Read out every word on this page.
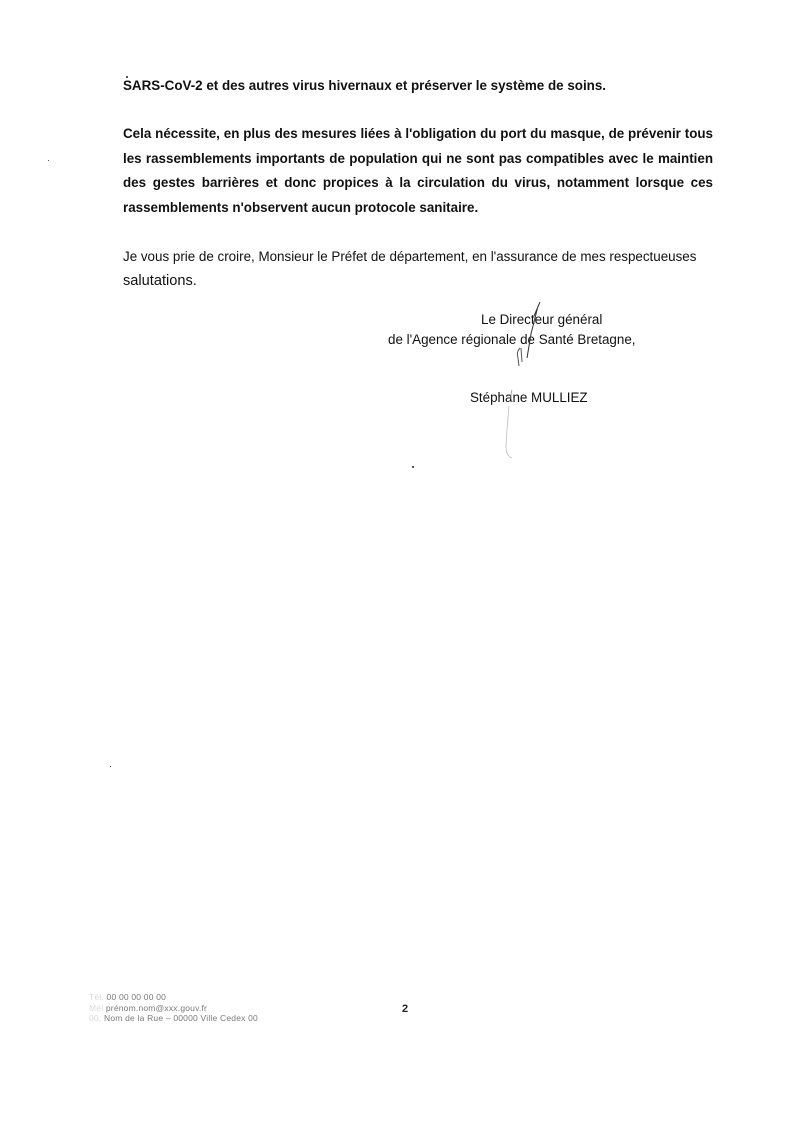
SARS-CoV-2 et des autres virus hivernaux et préserver le système de soins.

Cela nécessite, en plus des mesures liées à l'obligation du port du masque, de prévenir tous les rassemblements importants de population qui ne sont pas compatibles avec le maintien des gestes barrières et donc propices à la circulation du virus, notamment lorsque ces rassemblements n'observent aucun protocole sanitaire.

Je vous prie de croire, Monsieur le Préfet de département, en l'assurance de mes respectueuses
salutations.

Le Directeur général
de l'Agence régionale de Santé Bretagne,

Stéphane MULLIEZ

Tél. 00 00 00 00 00
Mél prénom.nom@xxx.gouv.fr
00, Nom de la Rue – 00000 Ville Cedex 00
2
